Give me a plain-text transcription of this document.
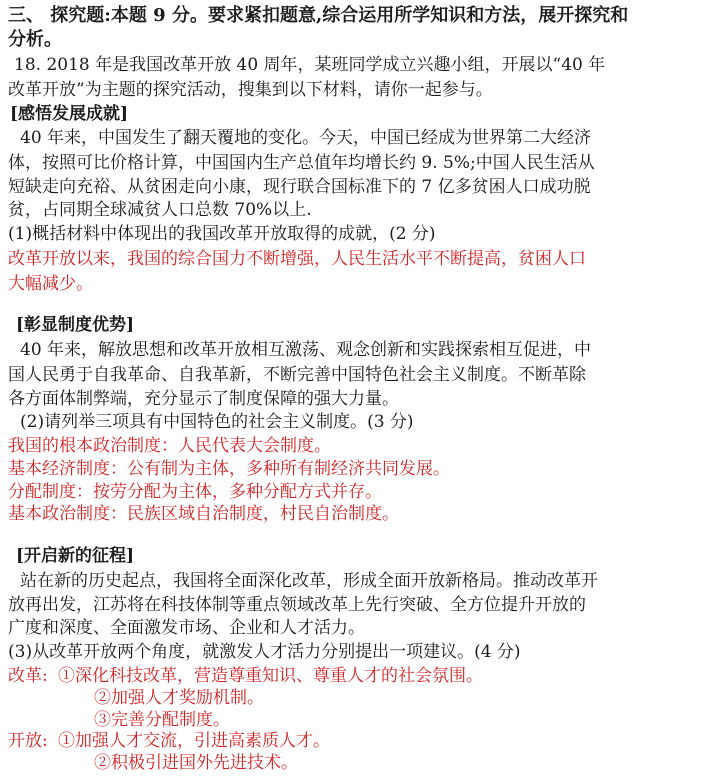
三、 探究题:本题 9 分。要求紧扣题意,综合运用所学知识和方法，展开探究和
分析。
18. 2018 年是我国改革开放 40 周年，某班同学成立兴趣小组，开展以“40 年
改革开放”为主题的探究活动，搜集到以下材料，请你一起参与。
[感悟发展成就]
40 年来，中国发生了翻天覆地的变化。今天，中国已经成为世界第二大经济
体，按照可比价格计算，中国国内生产总值年均增长约 9. 5%;中国人民生活从
短缺走向充裕、从贫困走向小康，现行联合国标准下的 7 亿多贫困人口成功脱
贫，占同期全球减贫人口总数 70%以上.
(1)概括材料中体现出的我国改革开放取得的成就，(2 分)
改革开放以来，我国的综合国力不断增强，人民生活水平不断提高，贫困人口
大幅减少。
[彰显制度优势]
40 年来，解放思想和改革开放相互激荡、观念创新和实践探索相互促进，中
国人民勇于自我革命、自我革新，不断完善中国特色社会主义制度。不断革除
各方面体制弊端，充分显示了制度保障的强大力量。
(2)请列举三项具有中国特色的社会主义制度。(3 分)
我国的根本政治制度：人民代表大会制度。
基本经济制度：公有制为主体，多种所有制经济共同发展。
分配制度：按劳分配为主体，多种分配方式并存。
基本政治制度：民族区域自治制度，村民自治制度。
[开启新的征程]
站在新的历史起点，我国将全面深化改革，形成全面开放新格局。推动改革开
放再出发，江苏将在科技体制等重点领域改革上先行突破、全方位提升开放的
广度和深度、全面激发市场、企业和人才活力。
(3)从改革开放两个角度，就激发人才活力分别提出一项建议。(4 分)
改革: ①深化科技改革，营造尊重知识、尊重人才的社会氛围。
②加强人才奖励机制。
③完善分配制度。
开放: ①加强人才交流，引进高素质人才。
②积极引进国外先进技术。
